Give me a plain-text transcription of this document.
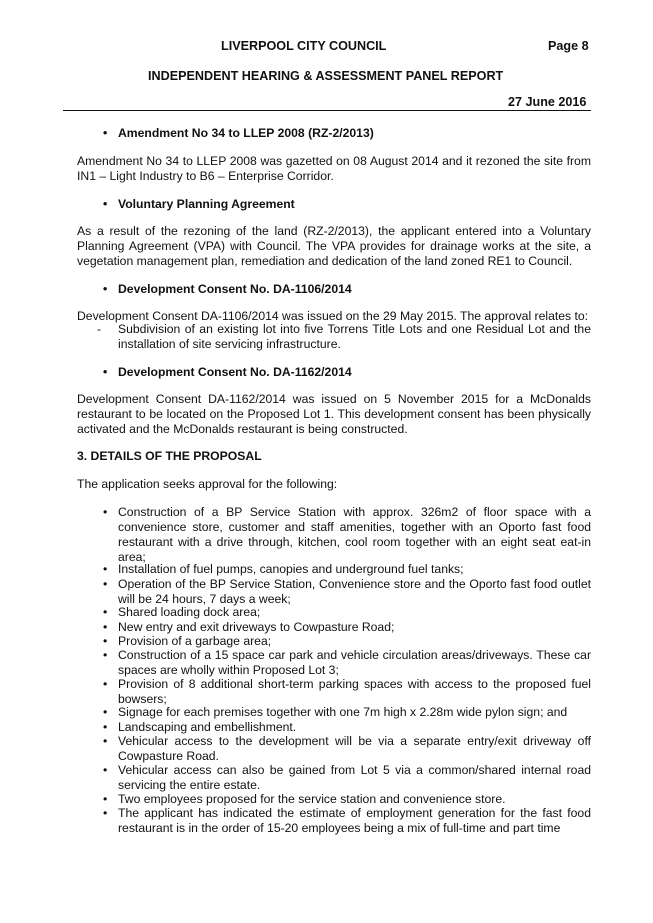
LIVERPOOL CITY COUNCIL	Page 8
INDEPENDENT HEARING & ASSESSMENT PANEL REPORT
27 June 2016
• Amendment No 34 to LLEP 2008 (RZ-2/2013)
Amendment No 34 to LLEP 2008 was gazetted on 08 August 2014 and it rezoned the site from IN1 – Light Industry to B6 – Enterprise Corridor.
• Voluntary Planning Agreement
As a result of the rezoning of the land (RZ-2/2013), the applicant entered into a Voluntary Planning Agreement (VPA) with Council. The VPA provides for drainage works at the site, a vegetation management plan, remediation and dedication of the land zoned RE1 to Council.
• Development Consent No. DA-1106/2014
Development Consent DA-1106/2014 was issued on the 29 May 2015. The approval relates to:
- Subdivision of an existing lot into five Torrens Title Lots and one Residual Lot and the installation of site servicing infrastructure.
• Development Consent No. DA-1162/2014
Development Consent DA-1162/2014 was issued on 5 November 2015 for a McDonalds restaurant to be located on the Proposed Lot 1. This development consent has been physically activated and the McDonalds restaurant is being constructed.
3. DETAILS OF THE PROPOSAL
The application seeks approval for the following:
• Construction of a BP Service Station with approx. 326m2 of floor space with a convenience store, customer and staff amenities, together with an Oporto fast food restaurant with a drive through, kitchen, cool room together with an eight seat eat-in area;
• Installation of fuel pumps, canopies and underground fuel tanks;
• Operation of the BP Service Station, Convenience store and the Oporto fast food outlet will be 24 hours, 7 days a week;
• Shared loading dock area;
• New entry and exit driveways to Cowpasture Road;
• Provision of a garbage area;
• Construction of a 15 space car park and vehicle circulation areas/driveways. These car spaces are wholly within Proposed Lot 3;
• Provision of 8 additional short-term parking spaces with access to the proposed fuel bowsers;
• Signage for each premises together with one 7m high x 2.28m wide pylon sign; and
• Landscaping and embellishment.
• Vehicular access to the development will be via a separate entry/exit driveway off Cowpasture Road.
• Vehicular access can also be gained from Lot 5 via a common/shared internal road servicing the entire estate.
• Two employees proposed for the service station and convenience store.
• The applicant has indicated the estimate of employment generation for the fast food restaurant is in the order of 15-20 employees being a mix of full-time and part time
